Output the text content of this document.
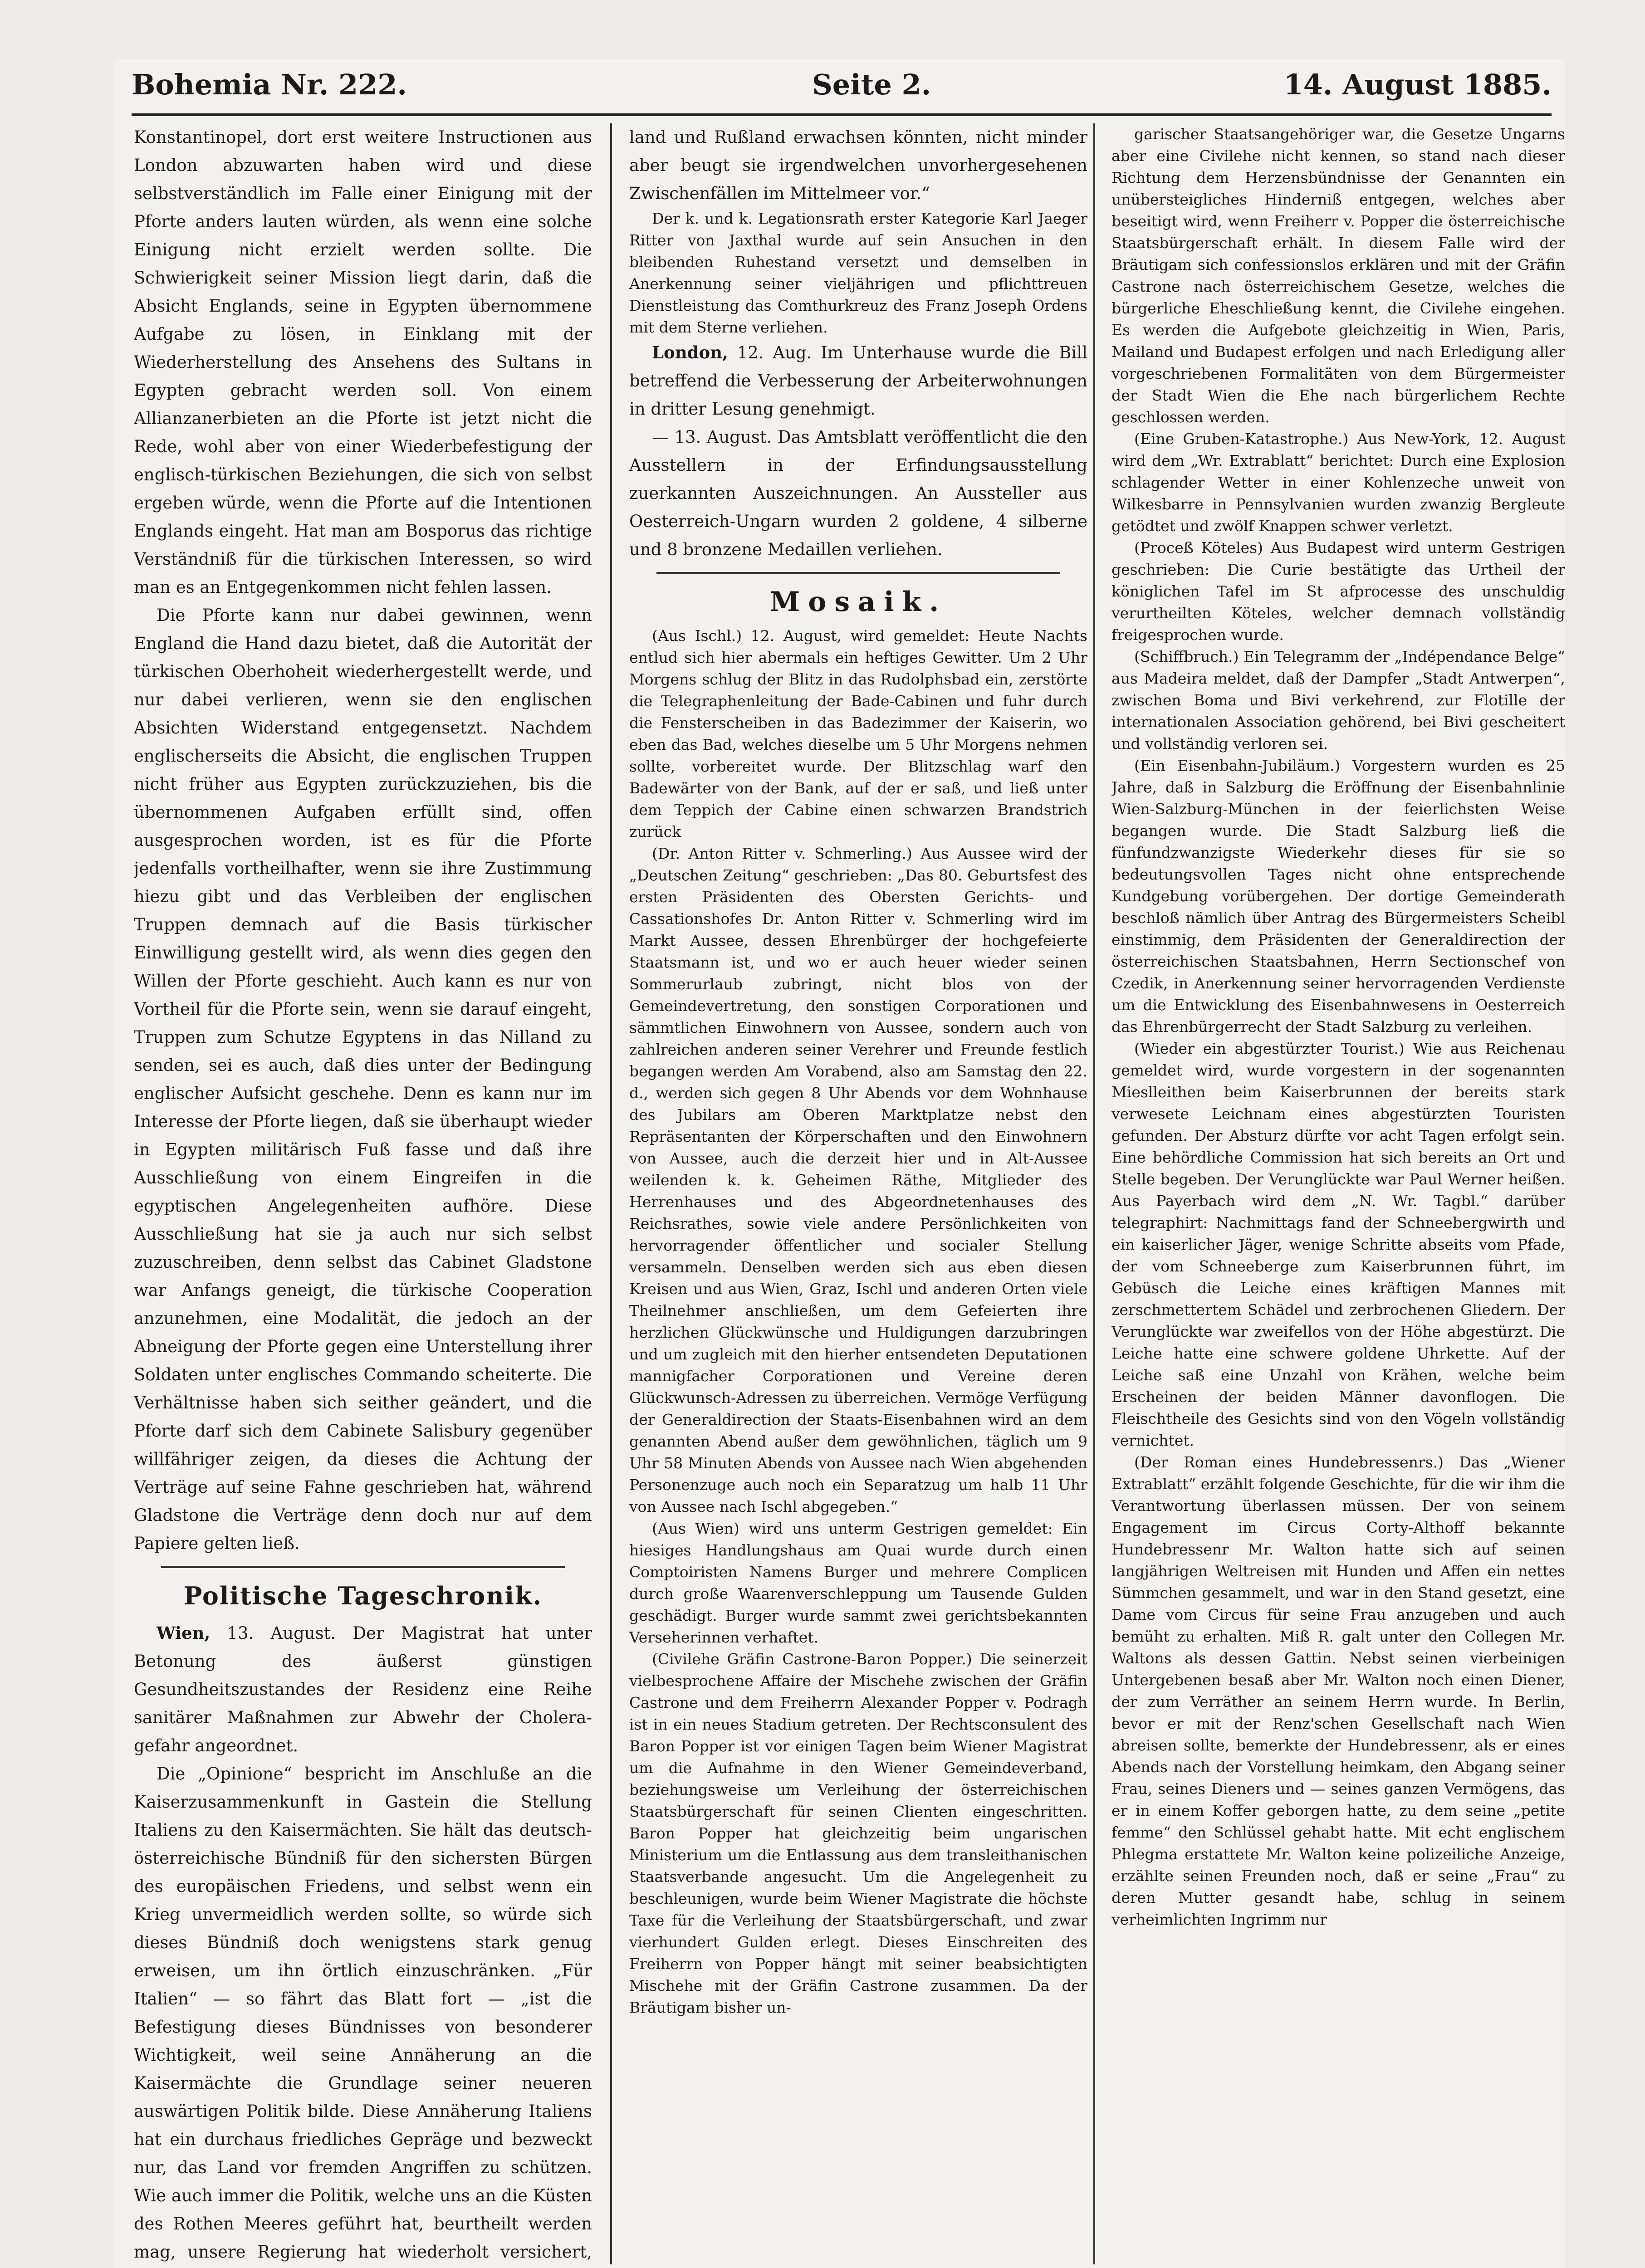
Bohemia Nr. 222.	Seite 2.	14. August 1885.

Konstantinopel, dort erst weitere Instructionen aus London abzuwarten haben wird und diese selbstverständlich im Falle einer Einigung mit der Pforte anders lauten würden, als wenn eine solche Einigung nicht erzielt werden sollte. Die Schwierigkeit seiner Mission liegt darin, daß die Absicht Englands, seine in Egypten übernommene Aufgabe zu lösen, in Einklang mit der Wiederherstellung des Ansehens des Sultans in Egypten gebracht werden soll. Von einem Allianzanerbieten an die Pforte ist jetzt nicht die Rede, wohl aber von einer Wiederbefestigung der englisch-türkischen Beziehungen, die sich von selbst ergeben würde, wenn die Pforte auf die Intentionen Englands eingeht. Hat man am Bosporus das richtige Verständniß für die türkischen Interessen, so wird man es an Entgegenkommen nicht fehlen lassen.

Die Pforte kann nur dabei gewinnen, wenn England die Hand dazu bietet, daß die Autorität der türkischen Oberhoheit wiederhergestellt werde, und nur dabei verlieren, wenn sie den englischen Absichten Widerstand entgegensetzt. Nachdem englischerseits die Absicht, die englischen Truppen nicht früher aus Egypten zurückzuziehen, bis die übernommenen Aufgaben erfüllt sind, offen ausgesprochen worden, ist es für die Pforte jedenfalls vortheilhafter, wenn sie ihre Zustimmung hiezu gibt und das Verbleiben der englischen Truppen demnach auf die Basis türkischer Einwilligung gestellt wird, als wenn dies gegen den Willen der Pforte geschieht. Auch kann es nur von Vortheil für die Pforte sein, wenn sie darauf eingeht, Truppen zum Schutze Egyptens in das Nilland zu senden, sei es auch, daß dies unter der Bedingung englischer Aufsicht geschehe. Denn es kann nur im Interesse der Pforte liegen, daß sie überhaupt wieder in Egypten militärisch Fuß fasse und daß ihre Ausschließung von einem Eingreifen in die egyptischen Angelegenheiten aufhöre. Diese Ausschließung hat sie ja auch nur sich selbst zuzuschreiben, denn selbst das Cabinet Gladstone war Anfangs geneigt, die türkische Cooperation anzunehmen, eine Modalität, die jedoch an der Abneigung der Pforte gegen eine Unterstellung ihrer Soldaten unter englisches Commando scheiterte. Die Verhältnisse haben sich seither geändert, und die Pforte darf sich dem Cabinete Salisbury gegenüber willfähriger zeigen, da dieses die Achtung der Verträge auf seine Fahne geschrieben hat, während Gladstone die Verträge denn doch nur auf dem Papiere gelten ließ.

Politische Tageschronik.

Wien, 13. August. Der Magistrat hat unter Betonung des äußerst günstigen Gesundheitszustandes der Residenz eine Reihe sanitärer Maßnahmen zur Abwehr der Cholera-gefahr angeordnet.

Die „Opinione“ bespricht im Anschluße an die Kaiserzusammenkunft in Gastein die Stellung Italiens zu den Kaisermächten. Sie hält das deutsch-österreichische Bündniß für den sichersten Bürgen des europäischen Friedens, und selbst wenn ein Krieg unvermeidlich werden sollte, so würde sich dieses Bündniß doch wenigstens stark genug erweisen, um ihn örtlich einzuschränken. „Für Italien“ — so fährt das Blatt fort — „ist die Befestigung dieses Bündnisses von besonderer Wichtigkeit, weil seine Annäherung an die Kaisermächte die Grundlage seiner neueren auswärtigen Politik bilde. Diese Annäherung Italiens hat ein durchaus friedliches Gepräge und bezweckt nur, das Land vor fremden Angriffen zu schützen. Wie auch immer die Politik, welche uns an die Küsten des Rothen Meeres geführt hat, beurtheilt werden mag, unsere Regierung hat wiederholt versichert,

land und Rußland erwachsen könnten, nicht minder aber beugt sie irgendwelchen unvorhergesehenen Zwischenfällen im Mittelmeer vor.“

Der k. und k. Legationsrath erster Kategorie Karl Jaeger Ritter von Jaxthal wurde auf sein Ansuchen in den bleibenden Ruhestand versetzt und demselben in Anerkennung seiner vieljährigen und pflichttreuen Dienstleistung das Comthurkreuz des Franz Joseph Ordens mit dem Sterne verliehen.

London, 12. Aug. Im Unterhause wurde die Bill betreffend die Verbesserung der Arbeiterwohnungen in dritter Lesung genehmigt.

— 13. August. Das Amtsblatt veröffentlicht die den Ausstellern in der Erfindungsausstellung zuerkannten Auszeichnungen. An Aussteller aus Oesterreich-Ungarn wurden 2 goldene, 4 silberne und 8 bronzene Medaillen verliehen.

Mosaik.

(Aus Ischl.) 12. August, wird gemeldet: Heute Nachts entlud sich hier abermals ein heftiges Gewitter. Um 2 Uhr Morgens schlug der Blitz in das Rudolphsbad ein, zerstörte die Telegraphenleitung der Bade-Cabinen und fuhr durch die Fensterscheiben in das Badezimmer der Kaiserin, wo eben das Bad, welches dieselbe um 5 Uhr Morgens nehmen sollte, vorbereitet wurde. Der Blitzschlag warf den Badewärter von der Bank, auf der er saß, und ließ unter dem Teppich der Cabine einen schwarzen Brandstrich zurück

(Dr. Anton Ritter v. Schmerling.) Aus Aussee wird der „Deutschen Zeitung“ geschrieben: „Das 80. Geburtsfest des ersten Präsidenten des Obersten Gerichts- und Cassationshofes Dr. Anton Ritter v. Schmerling wird im Markt Aussee, dessen Ehrenbürger der hochgefeierte Staatsmann ist, und wo er auch heuer wieder seinen Sommerurlaub zubringt, nicht blos von der Gemeindevertretung, den sonstigen Corporationen und sämmtlichen Einwohnern von Aussee, sondern auch von zahlreichen anderen seiner Verehrer und Freunde festlich begangen werden Am Vorabend, also am Samstag den 22. d., werden sich gegen 8 Uhr Abends vor dem Wohnhause des Jubilars am Oberen Marktplatze nebst den Repräsentanten der Körperschaften und den Einwohnern von Aussee, auch die derzeit hier und in Alt-Aussee weilenden k. k. Geheimen Räthe, Mitglieder des Herrenhauses und des Abgeordnetenhauses des Reichsrathes, sowie viele andere Persönlichkeiten von hervorragender öffentlicher und socialer Stellung versammeln. Denselben werden sich aus eben diesen Kreisen und aus Wien, Graz, Ischl und anderen Orten viele Theilnehmer anschließen, um dem Gefeierten ihre herzlichen Glückwünsche und Huldigungen darzubringen und um zugleich mit den hierher entsendeten Deputationen mannigfacher Corporationen und Vereine deren Glückwunsch-Adressen zu überreichen. Vermöge Verfügung der Generaldirection der Staats-Eisenbahnen wird an dem genannten Abend außer dem gewöhnlichen, täglich um 9 Uhr 58 Minuten Abends von Aussee nach Wien abgehenden Personenzuge auch noch ein Separatzug um halb 11 Uhr von Aussee nach Ischl abgegeben.“

(Aus Wien) wird uns unterm Gestrigen gemeldet: Ein hiesiges Handlungshaus am Quai wurde durch einen Comptoiristen Namens Burger und mehrere Complicen durch große Waarenverschleppung um Tausende Gulden geschädigt. Burger wurde sammt zwei gerichtsbekannten Verseherinnen verhaftet.

(Civilehe Gräfin Castrone-Baron Popper.) Die seinerzeit vielbesprochene Affaire der Mischehe zwischen der Gräfin Castrone und dem Freiherrn Alexander Popper v. Podragh ist in ein neues Stadium getreten. Der Rechtsconsulent des Baron Popper ist vor einigen Tagen beim Wiener Magistrat um die Aufnahme in den Wiener Gemeindeverband, beziehungsweise um Verleihung der österreichischen Staatsbürgerschaft für seinen Clienten eingeschritten. Baron Popper hat gleichzeitig beim ungarischen Ministerium um die Entlassung aus dem transleithanischen Staatsverbande angesucht. Um die Angelegenheit zu beschleunigen, wurde beim Wiener Magistrate die höchste Taxe für die Verleihung der Staatsbürgerschaft, und zwar vierhundert Gulden erlegt. Dieses Einschreiten des Freiherrn von Popper hängt mit seiner beabsichtigten Mischehe mit der Gräfin Castrone zusammen. Da der Bräutigam bisher un-

garischer Staatsangehöriger war, die Gesetze Ungarns aber eine Civilehe nicht kennen, so stand nach dieser Richtung dem Herzensbündnisse der Genannten ein unübersteigliches Hinderniß entgegen, welches aber beseitigt wird, wenn Freiherr v. Popper die österreichische Staatsbürgerschaft erhält. In diesem Falle wird der Bräutigam sich confessionslos erklären und mit der Gräfin Castrone nach österreichischem Gesetze, welches die bürgerliche Eheschließung kennt, die Civilehe eingehen. Es werden die Aufgebote gleichzeitig in Wien, Paris, Mailand und Budapest erfolgen und nach Erledigung aller vorgeschriebenen Formalitäten von dem Bürgermeister der Stadt Wien die Ehe nach bürgerlichem Rechte geschlossen werden.

(Eine Gruben-Katastrophe.) Aus New-York, 12. August wird dem „Wr. Extrablatt“ berichtet: Durch eine Explosion schlagender Wetter in einer Kohlenzeche unweit von Wilkesbarre in Pennsylvanien wurden zwanzig Bergleute getödtet und zwölf Knappen schwer verletzt.

(Proceß Köteles) Aus Budapest wird unterm Gestrigen geschrieben: Die Curie bestätigte das Urtheil der königlichen Tafel im St afprocesse des unschuldig verurtheilten Köteles, welcher demnach vollständig freigesprochen wurde.

(Schiffbruch.) Ein Telegramm der „Indépendance Belge“ aus Madeira meldet, daß der Dampfer „Stadt Antwerpen“, zwischen Boma und Bivi verkehrend, zur Flotille der internationalen Association gehörend, bei Bivi gescheitert und vollständig verloren sei.

(Ein Eisenbahn-Jubiläum.) Vorgestern wurden es 25 Jahre, daß in Salzburg die Eröffnung der Eisenbahnlinie Wien-Salzburg-München in der feierlichsten Weise begangen wurde. Die Stadt Salzburg ließ die fünfundzwanzigste Wiederkehr dieses für sie so bedeutungsvollen Tages nicht ohne entsprechende Kundgebung vorübergehen. Der dortige Gemeinderath beschloß nämlich über Antrag des Bürgermeisters Scheibl einstimmig, dem Präsidenten der Generaldirection der österreichischen Staatsbahnen, Herrn Sectionschef von Czedik, in Anerkennung seiner hervorragenden Verdienste um die Entwicklung des Eisenbahnwesens in Oesterreich das Ehrenbürgerrecht der Stadt Salzburg zu verleihen.

(Wieder ein abgestürzter Tourist.) Wie aus Reichenau gemeldet wird, wurde vorgestern in der sogenannten Mieslleithen beim Kaiserbrunnen der bereits stark verwesete Leichnam eines abgestürzten Touristen gefunden. Der Absturz dürfte vor acht Tagen erfolgt sein. Eine behördliche Commission hat sich bereits an Ort und Stelle begeben. Der Verunglückte war Paul Werner heißen. Aus Payerbach wird dem „N. Wr. Tagbl.“ darüber telegraphirt: Nachmittags fand der Schneebergwirth und ein kaiserlicher Jäger, wenige Schritte abseits vom Pfade, der vom Schneeberge zum Kaiserbrunnen führt, im Gebüsch die Leiche eines kräftigen Mannes mit zerschmettertem Schädel und zerbrochenen Gliedern. Der Verunglückte war zweifellos von der Höhe abgestürzt. Die Leiche hatte eine schwere goldene Uhrkette. Auf der Leiche saß eine Unzahl von Krähen, welche beim Erscheinen der beiden Männer davonflogen. Die Fleischtheile des Gesichts sind von den Vögeln vollständig vernichtet.

(Der Roman eines Hundebressenrs.) Das „Wiener Extrablatt“ erzählt folgende Geschichte, für die wir ihm die Verantwortung überlassen müssen. Der von seinem Engagement im Circus Corty-Althoff bekannte Hundebressenr Mr. Walton hatte sich auf seinen langjährigen Weltreisen mit Hunden und Affen ein nettes Sümmchen gesammelt, und war in den Stand gesetzt, eine Dame vom Circus für seine Frau anzugeben und auch bemüht zu erhalten. Miß R. galt unter den Collegen Mr. Waltons als dessen Gattin. Nebst seinen vierbeinigen Untergebenen besaß aber Mr. Walton noch einen Diener, der zum Verräther an seinem Herrn wurde. In Berlin, bevor er mit der Renz'schen Gesellschaft nach Wien abreisen sollte, bemerkte der Hundebressenr, als er eines Abends nach der Vorstellung heimkam, den Abgang seiner Frau, seines Dieners und — seines ganzen Vermögens, das er in einem Koffer geborgen hatte, zu dem seine „petite femme“ den Schlüssel gehabt hatte. Mit echt englischem Phlegma erstattete Mr. Walton keine polizeiliche Anzeige, erzählte seinen Freunden noch, daß er seine „Frau“ zu deren Mutter gesandt habe, schlug in seinem verheimlichten Ingrimm nur
